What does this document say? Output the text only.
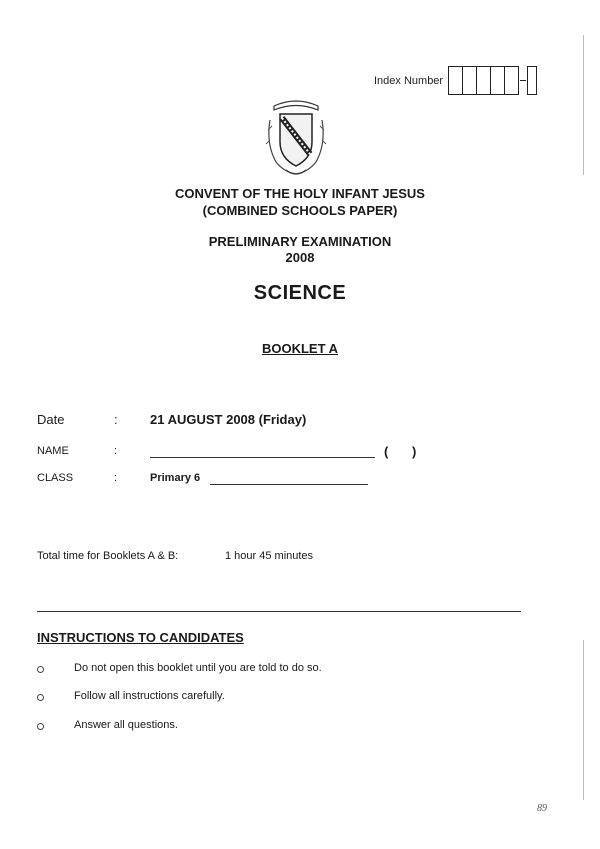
Index Number
CONVENT OF THE HOLY INFANT JESUS
(COMBINED SCHOOLS PAPER)
PRELIMINARY EXAMINATION
2008
SCIENCE
BOOKLET A
Date	: 21 AUGUST 2008 (Friday)
NAME	:	( )
CLASS	:	Primary 6
Total time for Booklets A & B:	1 hour 45 minutes
INSTRUCTIONS TO CANDIDATES
Do not open this booklet until you are told to do so.
Follow all instructions carefully.
Answer all questions.
89
